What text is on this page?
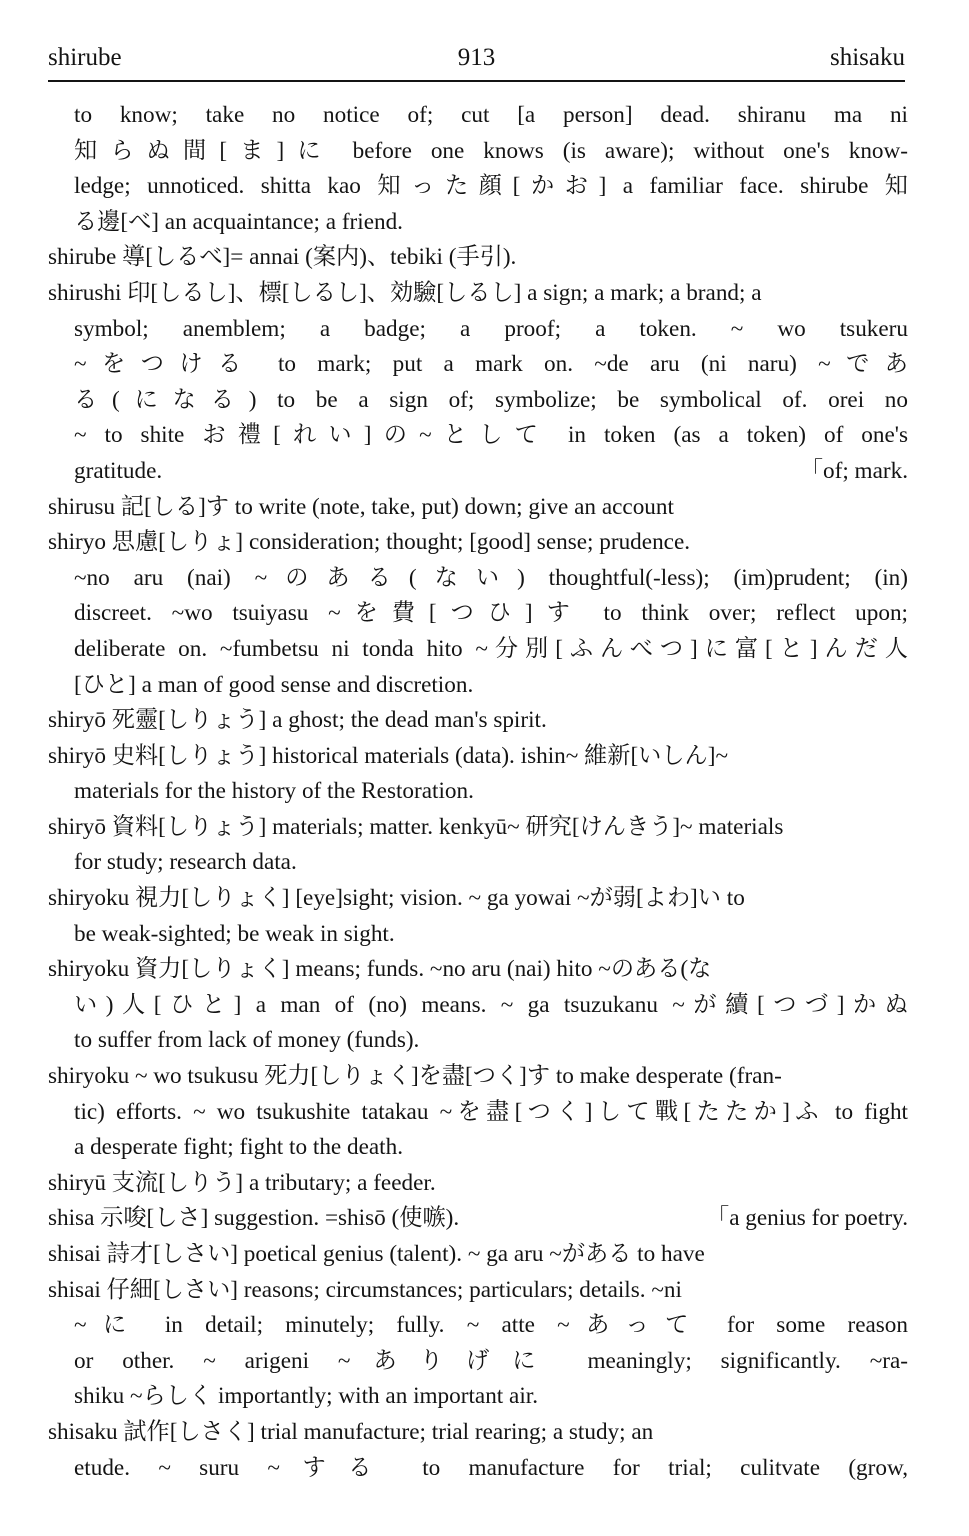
shirube	913	shisaku
to know; take no notice of; cut [a person] dead. shiranu ma ni
知らぬ間[ま]に before one knows (is aware); without one's know-
ledge; unnoticed. shitta kao 知った顔[かお] a familiar face. shirube 知
る邊[べ] an acquaintance; a friend.
shirube 導[しるべ]= annai (案内)、tebiki (手引).
shirushi 印[しるし]、標[しるし]、効驗[しるし] a sign; a mark; a brand; a
symbol; anemblem; a badge; a proof; a token. ~ wo tsukeru
~をつける to mark; put a mark on. ~de aru (ni naru) ~であ
る(になる) to be a sign of; symbolize; be symbolical of. orei no
~ to shite お禮[れい]の~として in token (as a token) of one's
gratitude.	「of; mark.
shirusu 記[しる]す to write (note, take, put) down; give an account
shiryo 思慮[しりょ] consideration; thought; [good] sense; prudence.
~no aru (nai) ~のある(ない) thoughtful(-less); (im)prudent; (in)
discreet. ~wo tsuiyasu ~を費[つひ]す to think over; reflect upon;
deliberate on. ~fumbetsu ni tonda hito ~分別[ふんべつ]に富[と]んだ人
[ひと] a man of good sense and discretion.
shiryō 死靈[しりょう] a ghost; the dead man's spirit.
shiryō 史料[しりょう] historical materials (data). ishin~ 維新[いしん]~
materials for the history of the Restoration.
shiryō 資料[しりょう] materials; matter. kenkyū~ 研究[けんきう]~ materials
for study; research data.
shiryoku 視力[しりょく] [eye]sight; vision. ~ ga yowai ~が弱[よわ]い to
be weak-sighted; be weak in sight.
shiryoku 資力[しりょく] means; funds. ~no aru (nai) hito ~のある(な
い)人[ひと] a man of (no) means. ~ ga tsuzukanu ~が續[つづ]かぬ
to suffer from lack of money (funds).
shiryoku ~ wo tsukusu 死力[しりょく]を盡[つく]す to make desperate (fran-
tic) efforts. ~ wo tsukushite tatakau ~を盡[つく]して戰[たたか]ふ to fight
a desperate fight; fight to the death.
shiryū 支流[しりう] a tributary; a feeder.
shisa 示唆[しさ] suggestion. =shisō (使嗾).	「a genius for poetry.
shisai 詩才[しさい] poetical genius (talent). ~ ga aru ~がある to have
shisai 仔細[しさい] reasons; circumstances; particulars; details. ~ni
~に in detail; minutely; fully. ~ atte ~あって for some reason
or other. ~ arigeni ~ありげに meaningly; significantly. ~ra-
shiku ~らしく importantly; with an important air.
shisaku 試作[しさく] trial manufacture; trial rearing; a study; an
etude. ~ suru ~する to manufacture for trial; culitvate (grow,
